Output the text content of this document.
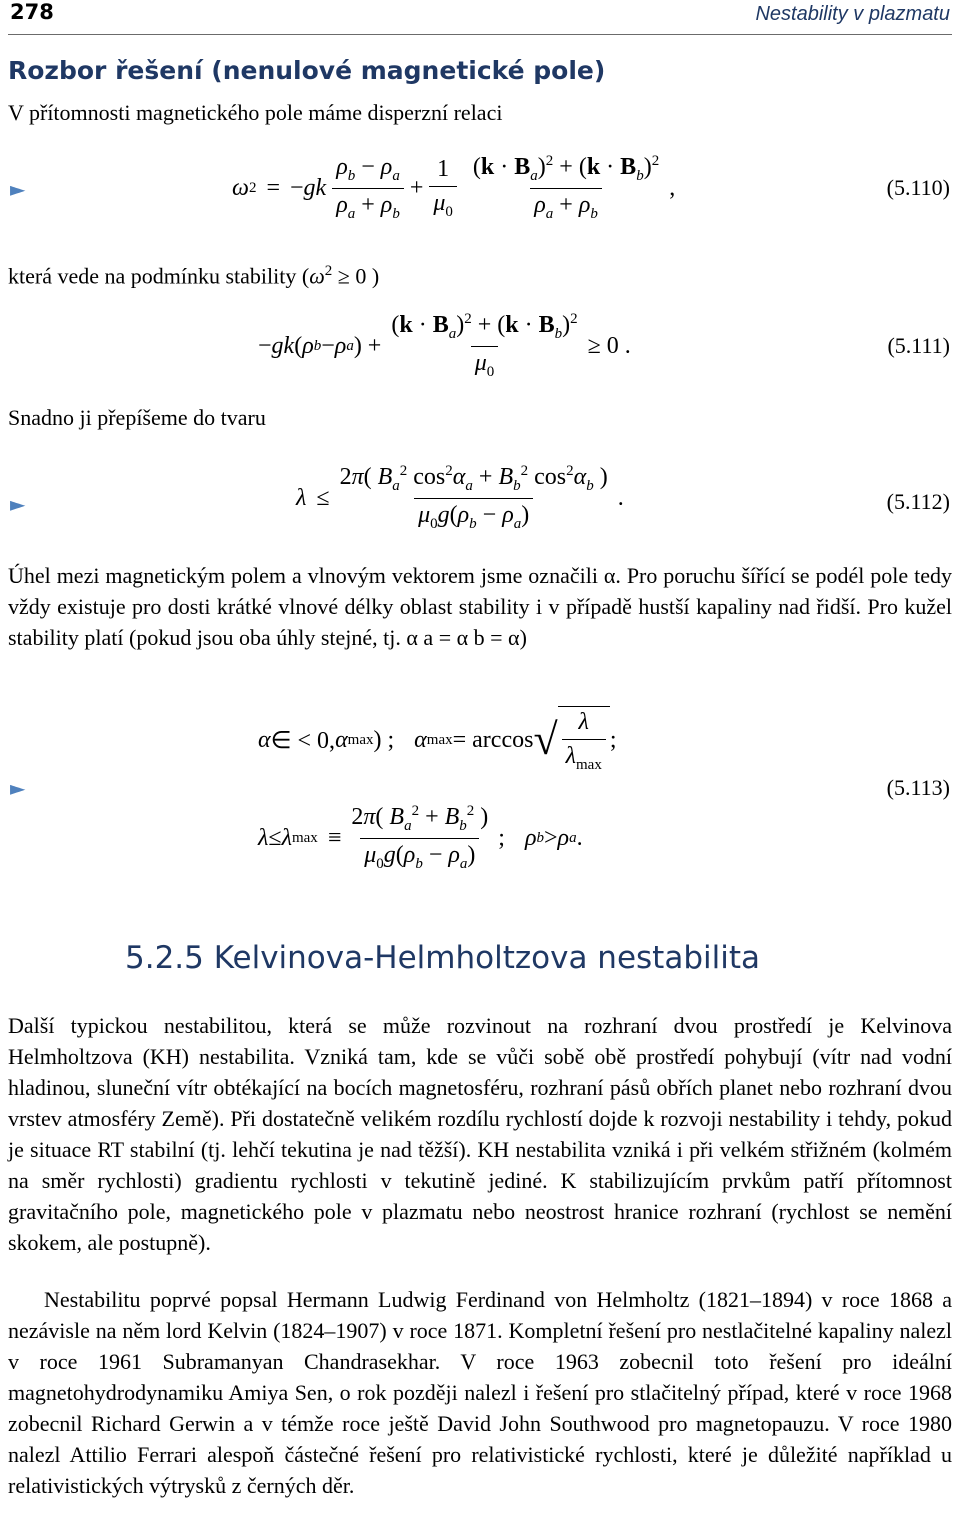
278	Nestability v plazmatu
Rozbor řešení (nenulové magnetické pole)
V přítomnosti magnetického pole máme disperzní relaci
►	ω 2 = − gk $\frac{\rho_b - \rho_a}{\rho_a + \rho_b} + \frac{1}{\mu_0} \frac{(k \cdot B_a)^2 + (k \cdot B_b)^2}{\rho_a + \rho_b}$ ,	(5.110)
která vede na podmínku stability ($\omega^2 \ge 0$ )
− gk ( ρ b − ρ a ) + $\frac{(k \cdot B_a)^2 + (k \cdot B_b)^2}{\mu_0} \ge 0$ .	(5.111)
Snadno ji přepíšeme do tvaru
►	$\lambda \le \frac{2\pi( B_a^2 \cos^2\alpha_a + B_b^2 \cos^2\alpha_b )}{\mu_0g(\rho_b - \rho_a)}$ .	(5.112)
Úhel mezi magnetickým polem a vlnovým vektorem jsme označili α. Pro poruchu šířící se podél pole tedy vždy existuje pro dosti krátké vlnové délky oblast stability i v případě hustší kapaliny nad řidší. Pro kužel stability platí (pokud jsou oba úhly stejné, tj. α a = α b = α)
►
α ∈ < 0, α max ) ; α max = arccos √ $\frac{\lambda}{\lambda_{max}}$ ;
λ ≤ λ $\max \equiv \frac{2\pi( B_a^2 + B_b^2 )}{\mu_0g(\rho_b - \rho_a)}$ ; ρ b > ρ a .
(5.113)
5.2.5 Kelvinova-Helmholtzova nestabilita
Další typickou nestabilitou, která se může rozvinout na rozhraní dvou prostředí je Kelvinova Helmholtzova (KH) nestabilita. Vzniká tam, kde se vůči sobě obě prostředí pohybují (vítr nad vodní hladinou, sluneční vítr obtékající na bocích magnetosféru, rozhraní pásů obřích planet nebo rozhraní dvou vrstev atmosféry Země). Při dostatečně velikém rozdílu rychlostí dojde k rozvoji nestability i tehdy, pokud je situace RT stabilní (tj. lehčí tekutina je nad těžší). KH nestabilita vzniká i při velkém střižném (kolmém na směr rychlosti) gradientu rychlosti v tekutině jediné. K stabilizujícím prvkům patří přítomnost gravitačního pole, magnetického pole v plazmatu nebo neostrost hranice rozhraní (rychlost se nemění skokem, ale postupně).
Nestabilitu poprvé popsal Hermann Ludwig Ferdinand von Helmholtz (1821–1894) v roce 1868 a nezávisle na něm lord Kelvin (1824–1907) v roce 1871. Kompletní řešení pro nestlačitelné kapaliny nalezl v roce 1961 Subramanyan Chandrasekhar. V roce 1963 zobecnil toto řešení pro ideální magnetohydrodynamiku Amiya Sen, o rok později nalezl i řešení pro stlačitelný případ, které v roce 1968 zobecnil Richard Gerwin a v témže roce ještě David John Southwood pro magnetopauzu. V roce 1980 nalezl Attilio Ferrari alespoň částečné řešení pro relativistické rychlosti, které je důležité například u relativistických výtrysků z černých děr.
